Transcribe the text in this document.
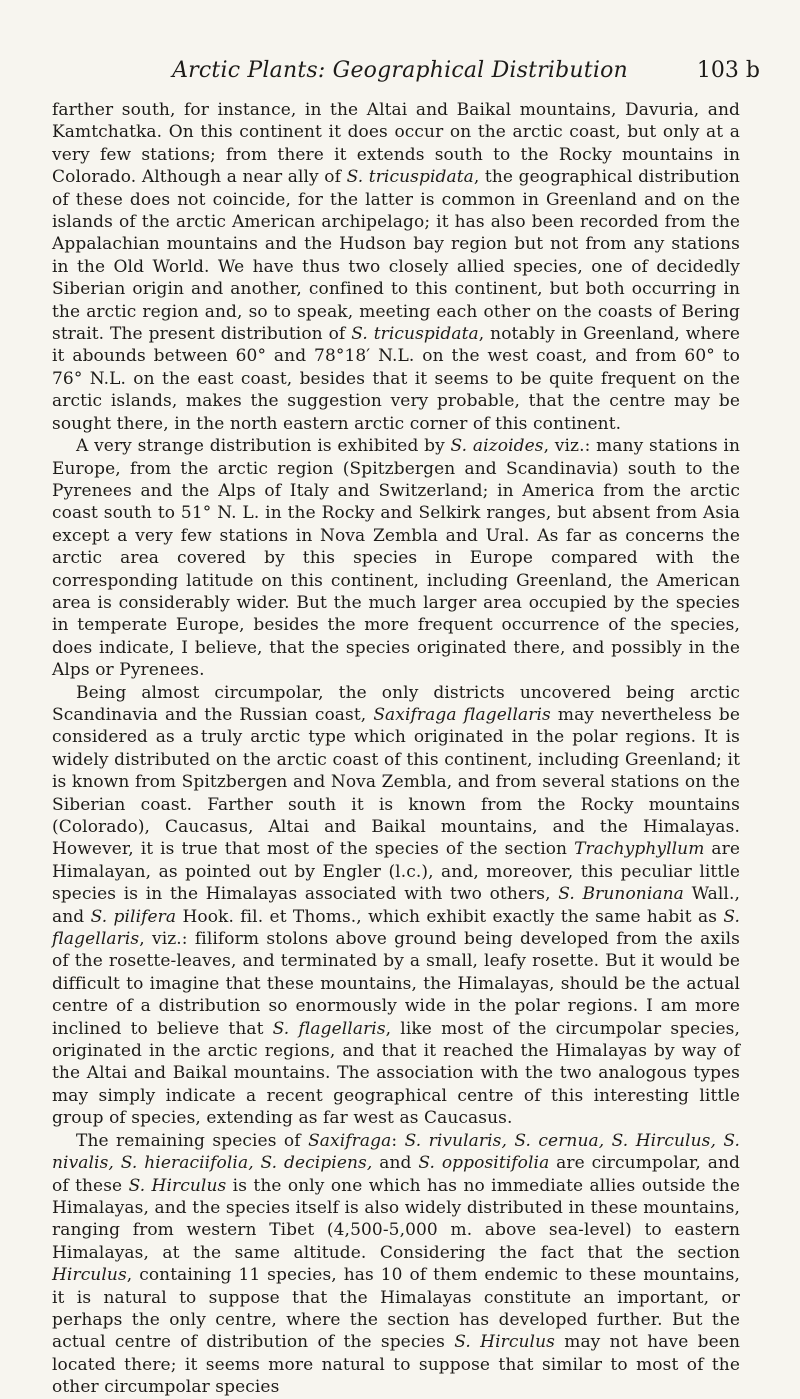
Arctic Plants: Geographical Distribution	103 b

farther south, for instance, in the Altai and Baikal mountains, Davuria, and Kamtchatka. On this continent it does occur on the arctic coast, but only at a very few stations; from there it extends south to the Rocky mountains in Colorado. Although a near ally of S. tricuspidata, the geographical distribution of these does not coincide, for the latter is common in Greenland and on the islands of the arctic American archipelago; it has also been recorded from the Appalachian mountains and the Hudson bay region but not from any stations in the Old World. We have thus two closely allied species, one of decidedly Siberian origin and another, confined to this continent, but both occurring in the arctic region and, so to speak, meeting each other on the coasts of Bering strait. The present distribution of S. tricuspidata, notably in Greenland, where it abounds between 60° and 78°18′ N.L. on the west coast, and from 60° to 76° N.L. on the east coast, besides that it seems to be quite frequent on the arctic islands, makes the suggestion very probable, that the centre may be sought there, in the north eastern arctic corner of this continent.

A very strange distribution is exhibited by S. aizoides, viz.: many stations in Europe, from the arctic region (Spitzbergen and Scandinavia) south to the Pyrenees and the Alps of Italy and Switzerland; in America from the arctic coast south to 51° N. L. in the Rocky and Selkirk ranges, but absent from Asia except a very few stations in Nova Zembla and Ural. As far as concerns the arctic area covered by this species in Europe compared with the corresponding latitude on this continent, including Greenland, the American area is considerably wider. But the much larger area occupied by the species in temperate Europe, besides the more frequent occurrence of the species, does indicate, I believe, that the species originated there, and possibly in the Alps or Pyrenees.

Being almost circumpolar, the only districts uncovered being arctic Scandinavia and the Russian coast, Saxifraga flagellaris may nevertheless be considered as a truly arctic type which originated in the polar regions. It is widely distributed on the arctic coast of this continent, including Greenland; it is known from Spitzbergen and Nova Zembla, and from several stations on the Siberian coast. Farther south it is known from the Rocky mountains (Colorado), Caucasus, Altai and Baikal mountains, and the Himalayas. However, it is true that most of the species of the section Trachyphyllum are Himalayan, as pointed out by Engler (l.c.), and, moreover, this peculiar little species is in the Himalayas associated with two others, S. Brunoniana Wall., and S. pilifera Hook. fil. et Thoms., which exhibit exactly the same habit as S. flagellaris, viz.: filiform stolons above ground being developed from the axils of the rosette-leaves, and terminated by a small, leafy rosette. But it would be difficult to imagine that these mountains, the Himalayas, should be the actual centre of a distribution so enormously wide in the polar regions. I am more inclined to believe that S. flagellaris, like most of the circumpolar species, originated in the arctic regions, and that it reached the Himalayas by way of the Altai and Baikal mountains. The association with the two analogous types may simply indicate a recent geographical centre of this interesting little group of species, extending as far west as Caucasus.

The remaining species of Saxifraga: S. rivularis, S. cernua, S. Hirculus, S. nivalis, S. hieraciifolia, S. decipiens, and S. oppositifolia are circumpolar, and of these S. Hirculus is the only one which has no immediate allies outside the Himalayas, and the species itself is also widely distributed in these mountains, ranging from western Tibet (4,500-5,000 m. above sea-level) to eastern Himalayas, at the same altitude. Considering the fact that the section Hirculus, containing 11 species, has 10 of them endemic to these mountains, it is natural to suppose that the Himalayas constitute an important, or perhaps the only centre, where the section has developed further. But the actual centre of distribution of the species S. Hirculus may not have been located there; it seems more natural to suppose that similar to most of the other circumpolar species
